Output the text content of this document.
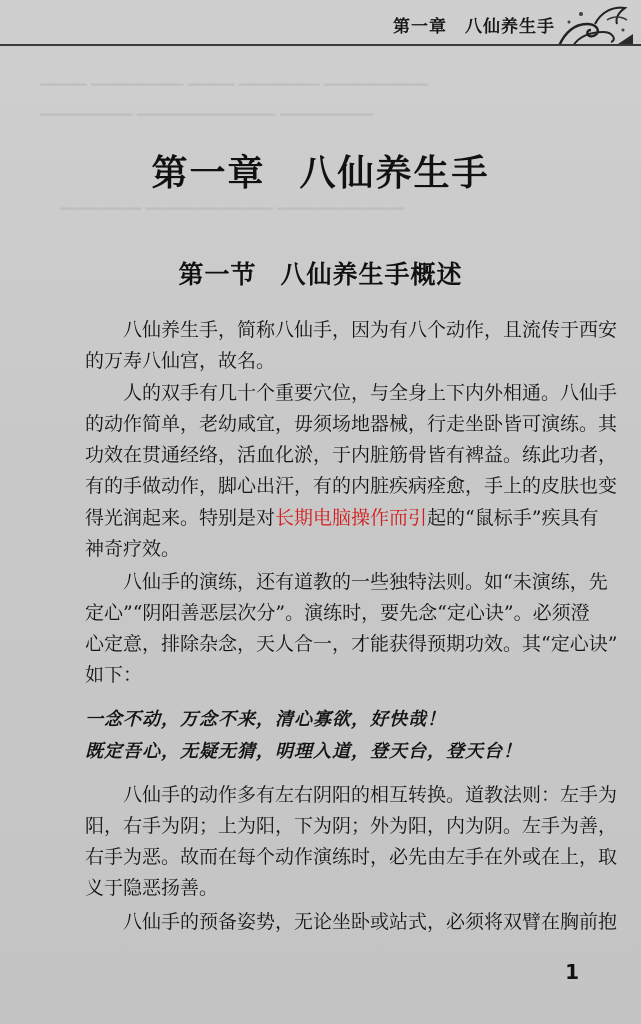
▁▁▁▁ ▁▁▁▁▁▁▁▁ ▁▁▁▁ ▁▁▁▁▁▁▁ ▁▁▁▁▁▁▁▁▁
▁▁▁▁▁▁▁▁ ▁▁▁▁▁▁▁▁▁▁▁▁ ▁▁▁▁▁▁▁▁
▁▁▁▁▁▁▁ ▁▁▁▁▁▁▁▁▁▁▁ ▁▁▁▁▁▁▁▁▁▁▁
第一章 八仙养生手
第一章 八仙养生手
第一节 八仙养生手概述
八仙养生手，简称八仙手，因为有八个动作，且流传于西安
的万寿八仙宫，故名。
人的双手有几十个重要穴位，与全身上下内外相通。八仙手
的动作简单，老幼咸宜，毋须场地器械，行走坐卧皆可演练。其
功效在贯通经络，活血化淤，于内脏筋骨皆有裨益。练此功者，
有的手做动作，脚心出汗，有的内脏疾病痊愈，手上的皮肤也变
得光润起来。特别是对长期电脑操作而引起的“鼠标手”疾具有
神奇疗效。
八仙手的演练，还有道教的一些独特法则。如“未演练，先
定心”“阴阳善恶层次分”。演练时，要先念“定心诀”。必须澄
心定意，排除杂念，天人合一，才能获得预期功效。其“定心诀”
如下：
一念不动，万念不来，清心寡欲，好快哉！
既定吾心，无疑无猜，明理入道，登天台，登天台！
八仙手的动作多有左右阴阳的相互转换。道教法则：左手为
阳，右手为阴；上为阳，下为阴；外为阳，内为阴。左手为善，
右手为恶。故而在每个动作演练时，必先由左手在外或在上，取
义于隐恶扬善。
八仙手的预备姿势，无论坐卧或站式，必须将双臂在胸前抱
1
